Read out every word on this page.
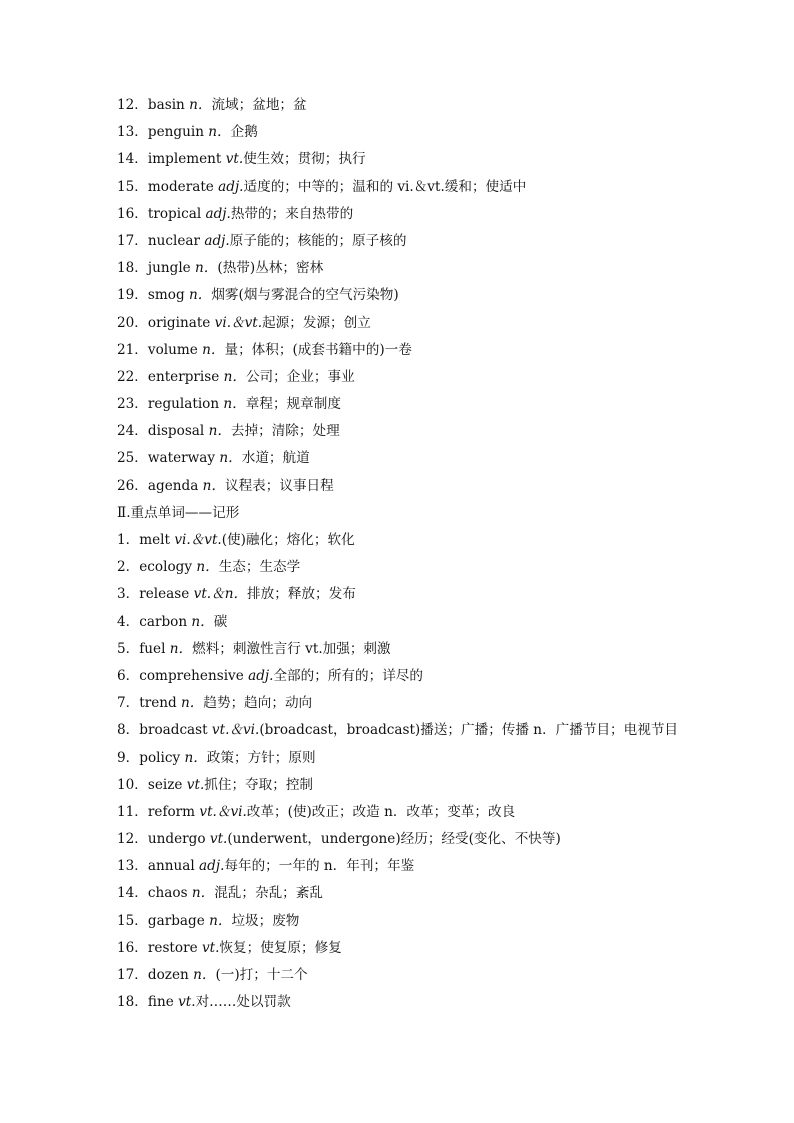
12．basin n．流域；盆地；盆
13．penguin n．企鹅
14．implement vt.使生效；贯彻；执行
15．moderate adj.适度的；中等的；温和的 vi.＆vt.缓和；使适中
16．tropical adj.热带的；来自热带的
17．nuclear adj.原子能的；核能的；原子核的
18．jungle n．(热带)丛林；密林
19．smog n．烟雾(烟与雾混合的空气污染物)
20．originate vi.＆vt.起源；发源；创立
21．volume n．量；体积；(成套书籍中的)一卷
22．enterprise n．公司；企业；事业
23．regulation n．章程；规章制度
24．disposal n．去掉；清除；处理
25．waterway n．水道；航道
26．agenda n．议程表；议事日程
Ⅱ.重点单词——记形
1．melt vi.＆vt.(使)融化；熔化；软化
2．ecology n．生态；生态学
3．release vt.＆n．排放；释放；发布
4．carbon n．碳
5．fuel n．燃料；刺激性言行 vt.加强；刺激
6．comprehensive adj.全部的；所有的；详尽的
7．trend n．趋势；趋向；动向
8．broadcast vt.＆vi.(broadcast，broadcast)播送；广播；传播 n．广播节目；电视节目
9．policy n．政策；方针；原则
10．seize vt.抓住；夺取；控制
11．reform vt.＆vi.改革；(使)改正；改造 n．改革；变革；改良
12．undergo vt.(underwent，undergone)经历；经受(变化、不快等)
13．annual adj.每年的；一年的 n．年刊；年鉴
14．chaos n．混乱；杂乱；紊乱
15．garbage n．垃圾；废物
16．restore vt.恢复；使复原；修复
17．dozen n．(一)打；十二个
18．fine vt.对……处以罚款
